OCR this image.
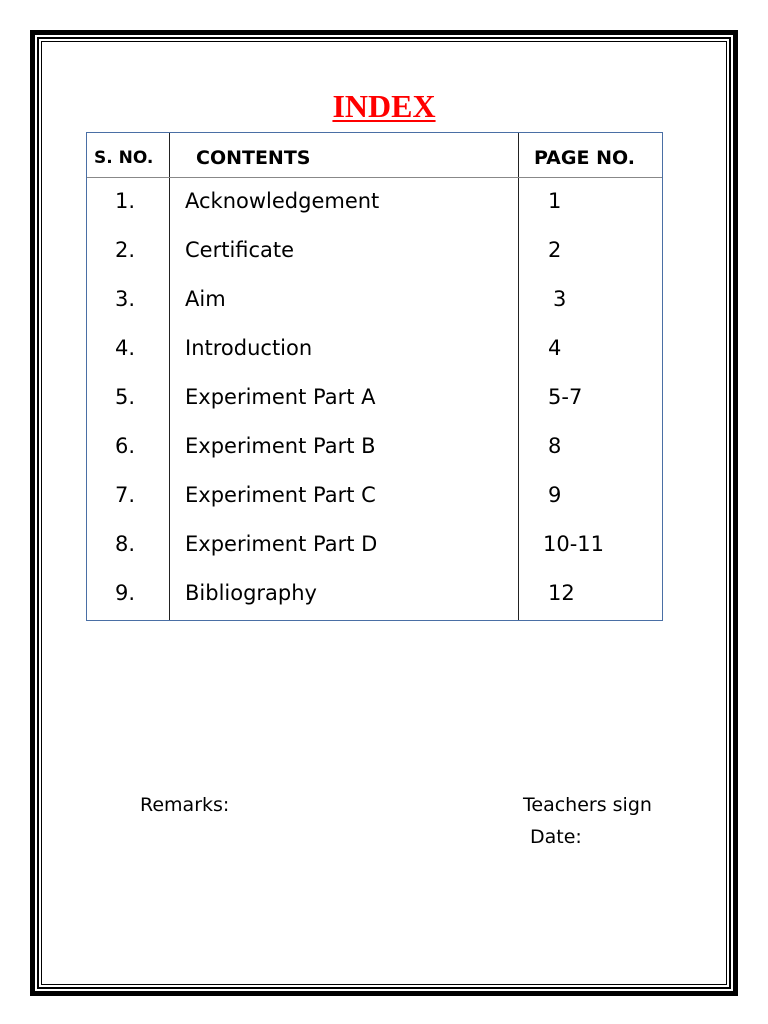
INDEX
S. NO. CONTENTS	PAGE NO.
1. Acknowledgement	1
2. Certificate	2
3. Aim	3
4. Introduction	4
5. Experiment Part A	5-7
6. Experiment Part B	8
7. Experiment Part C	9
8. Experiment Part D	10-11
9. Bibliography	12
Remarks:	Teachers sign
Date:
